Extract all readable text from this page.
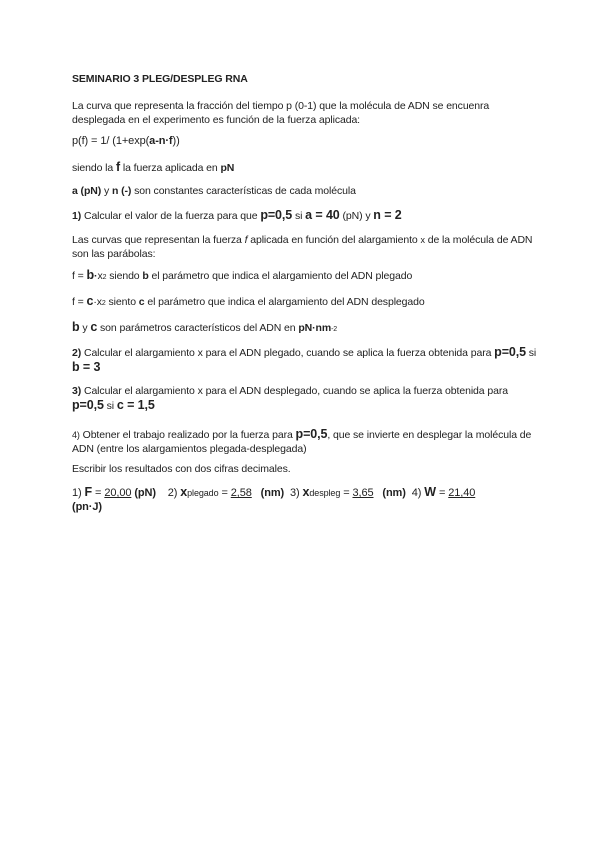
SEMINARIO 3 PLEG/DESPLEG RNA
La curva que representa la fracción del tiempo p (0-1) que la molécula de ADN se encuenra desplegada en el experimento es función de la fuerza aplicada:
p(f) = 1/ (1+exp(a-n·f))
siendo la f la fuerza aplicada en pN
a (pN) y n (-) son constantes características de cada molécula
1) Calcular el valor de la fuerza para que p=0,5 si a = 40 (pN) y n = 2
Las curvas que representan la fuerza f aplicada en función del alargamiento x de la molécula de ADN son las parábolas:
f = b·x2 siendo b el parámetro que indica el alargamiento del ADN plegado
f = c·x2 siento c el parámetro que indica el alargamiento del ADN desplegado
b y c son parámetros característicos del ADN en pN·nm-2
2) Calcular el alargamiento x para el ADN plegado, cuando se aplica la fuerza obtenida para p=0,5 si b = 3
3) Calcular el alargamiento x para el ADN desplegado, cuando se aplica la fuerza obtenida para p=0,5 si c = 1,5
4) Obtener el trabajo realizado por la fuerza para p=0,5, que se invierte en desplegar la molécula de ADN (entre los alargamientos plegada-desplegada)
Escribir los resultados con dos cifras decimales.
1) F = 20,00 (pN) 2) xplegado = 2,58 (nm) 3) xdespleg = 3,65 (nm) 4) W = 21,40
(pn·J)
